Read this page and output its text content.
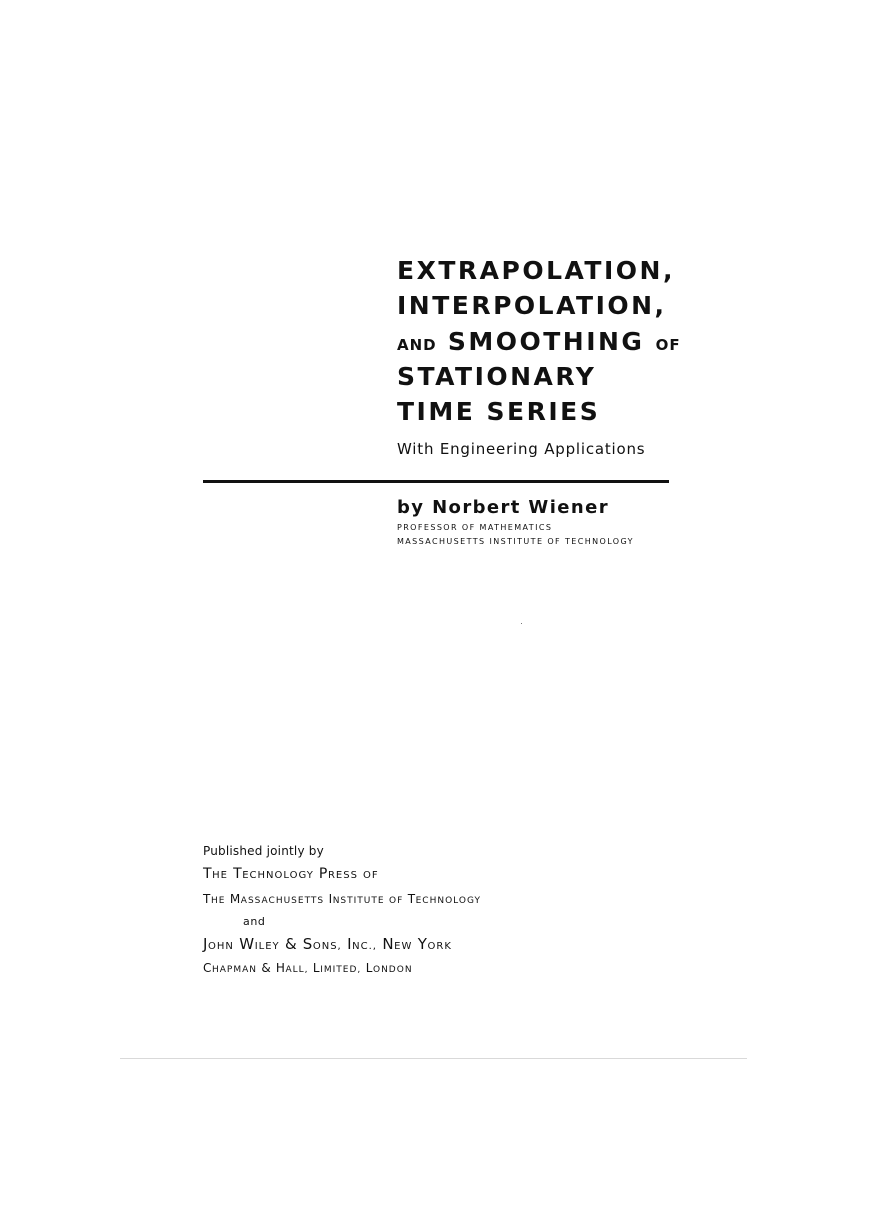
EXTRAPOLATION,
INTERPOLATION,
AND SMOOTHING OF
STATIONARY
TIME SERIES
With Engineering Applications
by Norbert Wiener
PROFESSOR OF MATHEMATICS
MASSACHUSETTS INSTITUTE OF TECHNOLOGY
Published jointly by
THE TECHNOLOGY PRESS OF
THE MASSACHUSETTS INSTITUTE OF TECHNOLOGY
and
JOHN WILEY & SONS, INC., NEW YORK
CHAPMAN & HALL, LIMITED, LONDON
